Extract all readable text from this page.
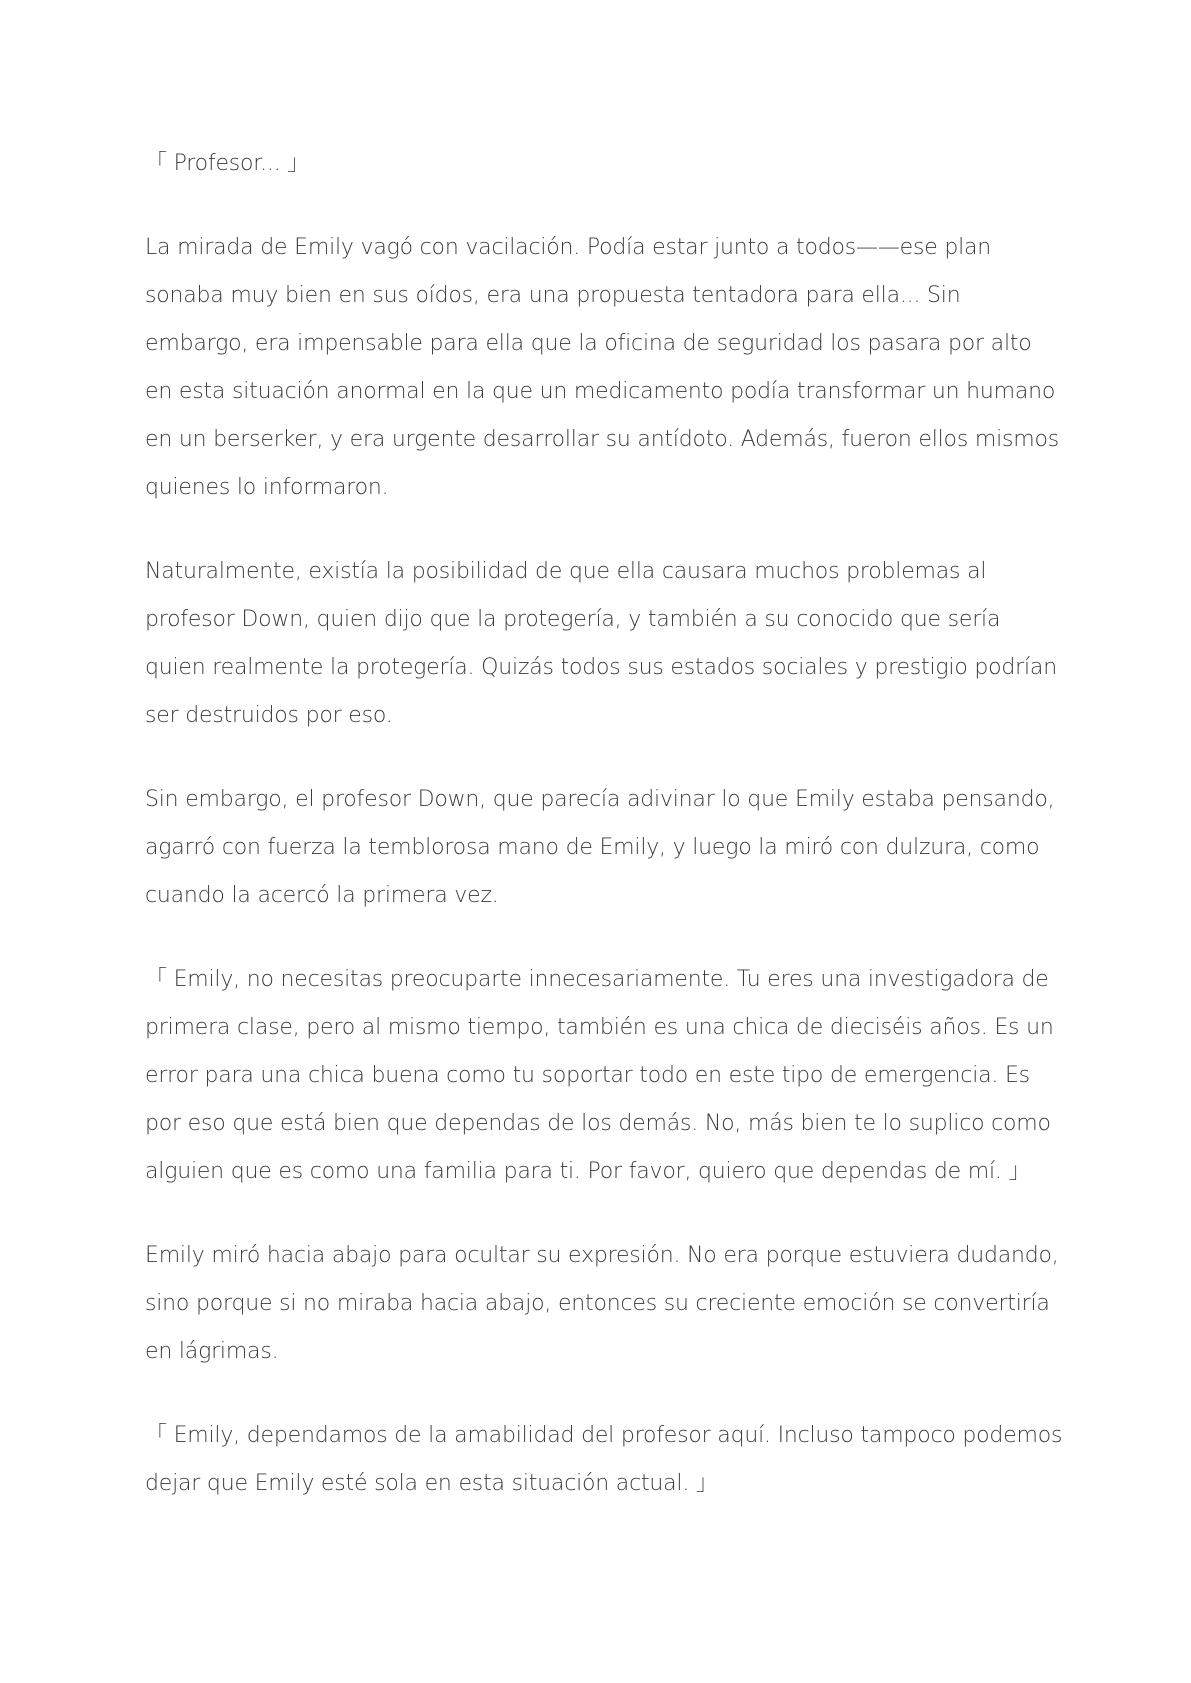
「 Profesor... 」

La mirada de Emily vagó con vacilación. Podía estar junto a todos——ese plan sonaba muy bien en sus oídos, era una propuesta tentadora para ella... Sin embargo, era impensable para ella que la oficina de seguridad los pasara por alto en esta situación anormal en la que un medicamento podía transformar un humano en un berserker, y era urgente desarrollar su antídoto. Además, fueron ellos mismos quienes lo informaron.

Naturalmente, existía la posibilidad de que ella causara muchos problemas al profesor Down, quien dijo que la protegería, y también a su conocido que sería quien realmente la protegería. Quizás todos sus estados sociales y prestigio podrían ser destruidos por eso.

Sin embargo, el profesor Down, que parecía adivinar lo que Emily estaba pensando, agarró con fuerza la temblorosa mano de Emily, y luego la miró con dulzura, como cuando la acercó la primera vez.

「 Emily, no necesitas preocuparte innecesariamente. Tu eres una investigadora de primera clase, pero al mismo tiempo, también es una chica de dieciséis años. Es un error para una chica buena como tu soportar todo en este tipo de emergencia. Es por eso que está bien que dependas de los demás. No, más bien te lo suplico como alguien que es como una familia para ti. Por favor, quiero que dependas de mí. 」

Emily miró hacia abajo para ocultar su expresión. No era porque estuviera dudando, sino porque si no miraba hacia abajo, entonces su creciente emoción se convertiría en lágrimas.

「 Emily, dependamos de la amabilidad del profesor aquí. Incluso tampoco podemos dejar que Emily esté sola en esta situación actual. 」
